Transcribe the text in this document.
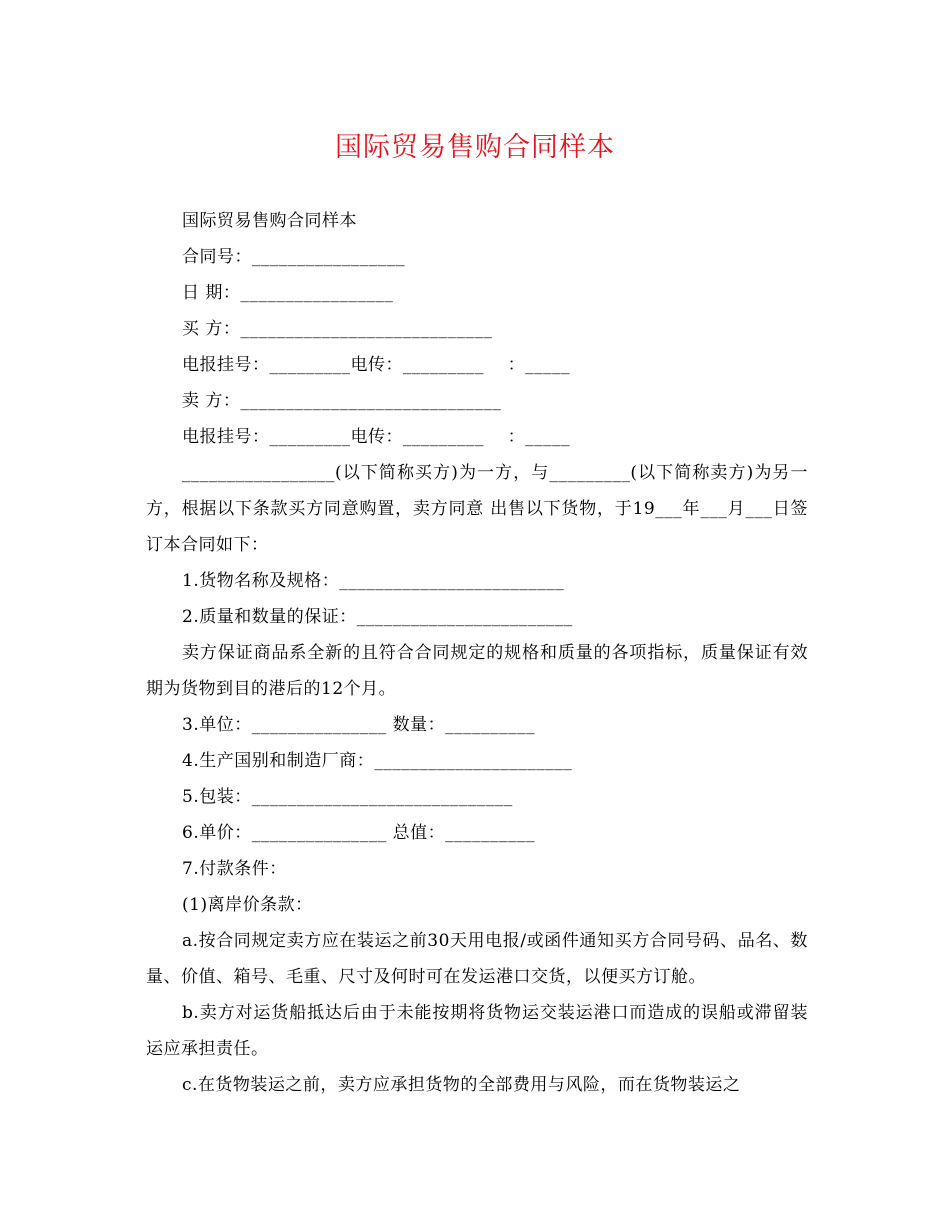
国际贸易售购合同样本

国际贸易售购合同样本

合同号：_________________

日 期：_________________

买 方：____________________________

电报挂号：_________电传：_________    ：_____

卖 方：_____________________________

电报挂号：_________电传：_________    ：_____

_________________(以下简称买方)为一方，与_________(以下简称卖方)为另一方，根据以下条款买方同意购置，卖方同意 出售以下货物，于19___年___月___日签订本合同如下：

1.货物名称及规格：_________________________

2.质量和数量的保证：________________________

卖方保证商品系全新的且符合合同规定的规格和质量的各项指标，质量保证有效期为货物到目的港后的12个月。

3.单位：_______________ 数量：__________

4.生产国别和制造厂商：______________________

5.包装：_____________________________

6.单价：_______________ 总值：__________

7.付款条件：

(1)离岸价条款：

a.按合同规定卖方应在装运之前30天用电报/或函件通知买方合同号码、品名、数量、价值、箱号、毛重、尺寸及何时可在发运港口交货，以便买方订舱。

b.卖方对运货船抵达后由于未能按期将货物运交装运港口而造成的误船或滞留装运应承担责任。

c.在货物装运之前，卖方应承担货物的全部费用与风险，而在货物装运之
